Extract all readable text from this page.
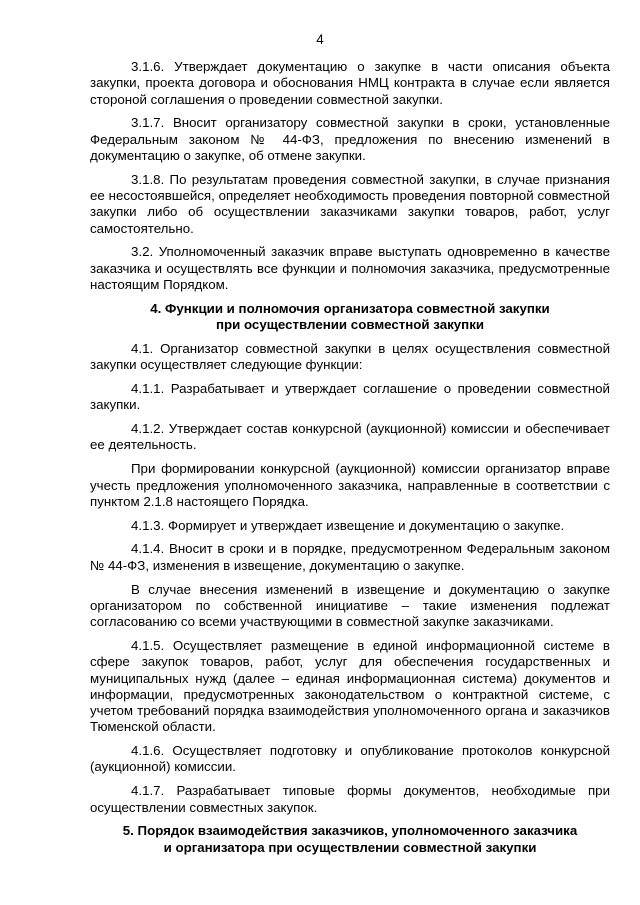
4

3.1.6. Утверждает документацию о закупке в части описания объекта закупки, проекта договора и обоснования НМЦ контракта в случае если является стороной соглашения о проведении совместной закупки.

3.1.7. Вносит организатору совместной закупки в сроки, установленные Федеральным законом № 44-ФЗ, предложения по внесению изменений в документацию о закупке, об отмене закупки.

3.1.8. По результатам проведения совместной закупки, в случае признания ее несостоявшейся, определяет необходимость проведения повторной совместной закупки либо об осуществлении заказчиками закупки товаров, работ, услуг самостоятельно.

3.2. Уполномоченный заказчик вправе выступать одновременно в качестве заказчика и осуществлять все функции и полномочия заказчика, предусмотренные настоящим Порядком.

4. Функции и полномочия организатора совместной закупки
при осуществлении совместной закупки

4.1. Организатор совместной закупки в целях осуществления совместной закупки осуществляет следующие функции:

4.1.1. Разрабатывает и утверждает соглашение о проведении совместной закупки.

4.1.2. Утверждает состав конкурсной (аукционной) комиссии и обеспечивает ее деятельность.

При формировании конкурсной (аукционной) комиссии организатор вправе учесть предложения уполномоченного заказчика, направленные в соответствии с пунктом 2.1.8 настоящего Порядка.

4.1.3. Формирует и утверждает извещение и документацию о закупке.

4.1.4. Вносит в сроки и в порядке, предусмотренном Федеральным законом № 44-ФЗ, изменения в извещение, документацию о закупке.

В случае внесения изменений в извещение и документацию о закупке организатором по собственной инициативе – такие изменения подлежат согласованию со всеми участвующими в совместной закупке заказчиками.

4.1.5. Осуществляет размещение в единой информационной системе в сфере закупок товаров, работ, услуг для обеспечения государственных и муниципальных нужд (далее – единая информационная система) документов и информации, предусмотренных законодательством о контрактной системе, с учетом требований порядка взаимодействия уполномоченного органа и заказчиков Тюменской области.

4.1.6. Осуществляет подготовку и опубликование протоколов конкурсной (аукционной) комиссии.

4.1.7. Разрабатывает типовые формы документов, необходимые при осуществлении совместных закупок.

5. Порядок взаимодействия заказчиков, уполномоченного заказчика
и организатора при осуществлении совместной закупки
